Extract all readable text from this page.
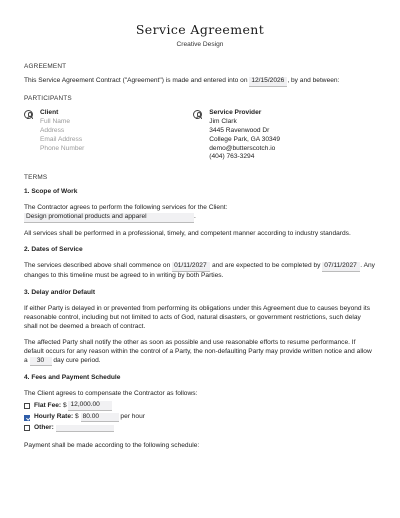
Service Agreement
Creative Design
AGREEMENT
This Service Agreement Contract ("Agreement") is made and entered into on 12/15/2026 , by and between:
PARTICIPANTS
Client
Full Name
Address
Email Address
Phone Number
Service Provider
Jim Clark
3445 Ravenwood Dr
College Park, GA 30349
demo@butterscotch.io
(404) 763-3294
TERMS
1. Scope of Work

The Contractor agrees to perform the following services for the Client:
Design promotional products and apparel	.

All services shall be performed in a professional, timely, and competent manner according to industry standards.

2. Dates of Service

The services described above shall commence on 01/11/2027 and are expected to be completed by 07/11/2027 . Any changes to this timeline must be agreed to in writing by both Parties.

3. Delay and/or Default

If either Party is delayed in or prevented from performing its obligations under this Agreement due to causes beyond its reasonable control, including but not limited to acts of God, natural disasters, or government restrictions, such delay shall not be deemed a breach of contract.

The affected Party shall notify the other as soon as possible and use reasonable efforts to resume performance. If default occurs for any reason within the control of a Party, the non-defaulting Party may provide written notice and allow a 30 day cure period.

4. Fees and Payment Schedule

The Client agrees to compensate the Contractor as follows:

Flat Fee:
$
12,000.00
Hourly Rate:
$
80.00
	per hour
Other:

Payment shall be made according to the following schedule:
